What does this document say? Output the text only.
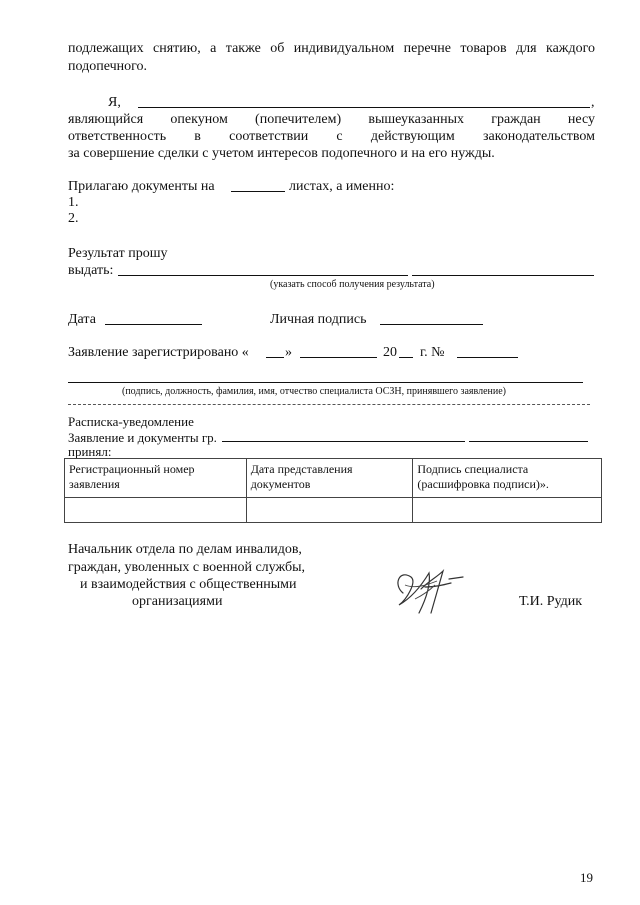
подлежащих снятию, а также об индивидуальном перечне товаров для каждого
подопечного.
Я,	,
являющийся опекуном (попечителем) вышеуказанных граждан несу
ответственность в соответствии с действующим законодательством
за совершение сделки с учетом интересов подопечного и на его нужды.
Прилагаю документы на	листах, а именно:
1.
2.
Результат прошу
выдать:
(указать способ получения результата)
Дата	Личная подпись
Заявление зарегистрировано «	»	20 г. №
(подпись, должность, фамилия, имя, отчество специалиста ОСЗН, принявшего заявление)
Расписка-уведомление
Заявление и документы гр.
принял:
Регистрационный номер заявления	Дата представления документов	Подпись специалиста (расшифровка подписи)».

Начальник отдела по делам инвалидов,
граждан, уволенных с военной службы,
и взаимодействия с общественными
организациями	Т.И. Рудик
19
